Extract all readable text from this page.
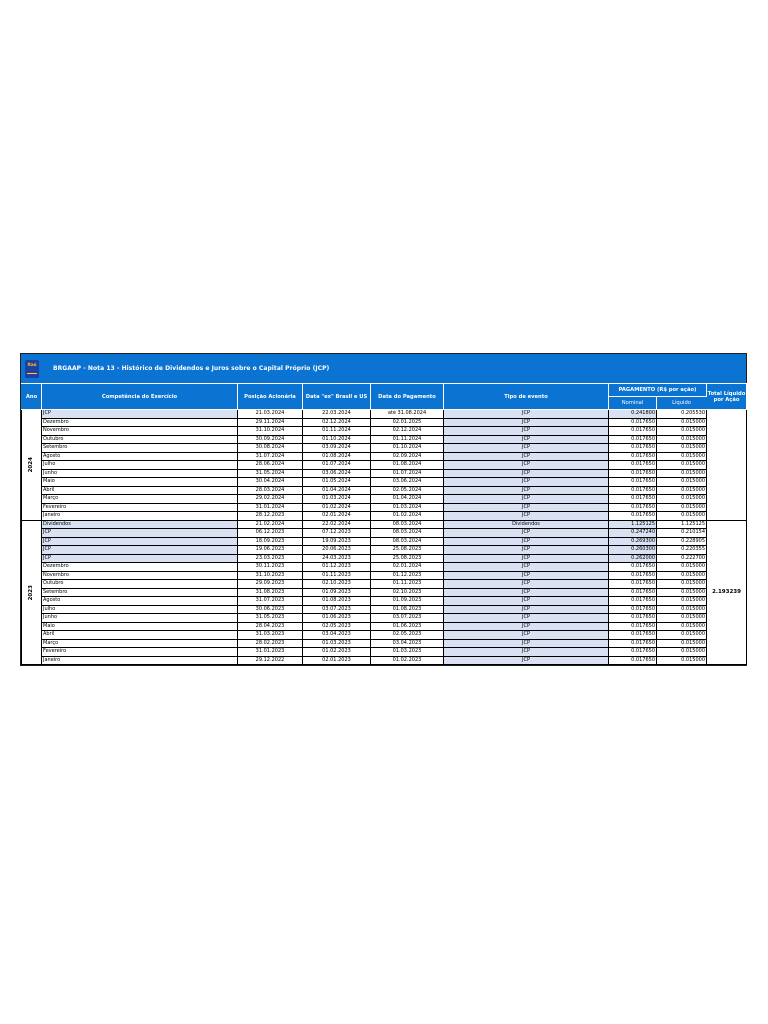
Itaú
BRGAAP - Nota 13 - Histórico de Dividendos e Juros sobre o Capital Próprio (JCP)
Ano	Competência do Exercício	Posição Acionária	Data "ex" Brasil e US	Data do Pagamento	Tipo de evento	PAGAMENTO (R$ por ação)		Total Líquido por Ação
						Nominal	Líquido	
2024	JCP	21.03.2024	22.03.2024	até 31.08.2024	JCP	0.241800	0.205530	
	Dezembro	29.11.2024	02.12.2024	02.01.2025	JCP	0.017650	0.015000	
	Novembro	31.10.2024	01.11.2024	02.12.2024	JCP	0.017650	0.015000	
	Outubro	30.09.2024	01.10.2024	01.11.2024	JCP	0.017650	0.015000	
	Setembro	30.08.2024	03.09.2024	01.10.2024	JCP	0.017650	0.015000	
	Agosto	31.07.2024	01.08.2024	02.09.2024	JCP	0.017650	0.015000	
	Julho	28.06.2024	01.07.2024	01.08.2024	JCP	0.017650	0.015000	
	Junho	31.05.2024	03.06.2024	01.07.2024	JCP	0.017650	0.015000	
	Maio	30.04.2024	01.05.2024	03.06.2024	JCP	0.017650	0.015000	
	Abril	28.03.2024	01.04.2024	02.05.2024	JCP	0.017650	0.015000	
	Março	29.02.2024	01.03.2024	01.04.2024	JCP	0.017650	0.015000	
	Fevereiro	31.01.2024	01.02.2024	01.03.2024	JCP	0.017650	0.015000	
	Janeiro	28.12.2023	02.01.2024	01.02.2024	JCP	0.017650	0.015000	
2023	Dividendos	21.02.2024	22.02.2024	08.03.2024	Dividendos	1.125125	1.125125	2.193239
	JCP	06.12.2023	07.12.2023	08.03.2024	JCP	0.247240	0.210154	
	JCP	18.09.2023	19.09.2023	08.03.2024	JCP	0.269300	0.228905	
	JCP	19.06.2023	20.06.2023	25.08.2023	JCP	0.260300	0.220355	
	JCP	23.03.2023	24.03.2023	25.08.2023	JCP	0.262000	0.222700	
	Dezembro	30.11.2023	01.12.2023	02.01.2024	JCP	0.017650	0.015000	
	Novembro	31.10.2023	01.11.2023	01.12.2023	JCP	0.017650	0.015000	
	Outubro	29.09.2023	02.10.2023	01.11.2023	JCP	0.017650	0.015000	
	Setembro	31.08.2023	01.09.2023	02.10.2023	JCP	0.017650	0.015000	
	Agosto	31.07.2023	01.08.2023	01.09.2023	JCP	0.017650	0.015000	
	Julho	30.06.2023	03.07.2023	01.08.2023	JCP	0.017650	0.015000	
	Junho	31.05.2023	01.06.2023	03.07.2023	JCP	0.017650	0.015000	
	Maio	28.04.2023	02.05.2023	01.06.2023	JCP	0.017650	0.015000	
	Abril	31.03.2023	03.04.2023	02.05.2023	JCP	0.017650	0.015000	
	Março	28.02.2023	01.03.2023	03.04.2023	JCP	0.017650	0.015000	
	Fevereiro	31.01.2023	01.02.2023	01.03.2023	JCP	0.017650	0.015000	
	Janeiro	29.12.2022	02.01.2023	01.02.2023	JCP	0.017650	0.015000	
